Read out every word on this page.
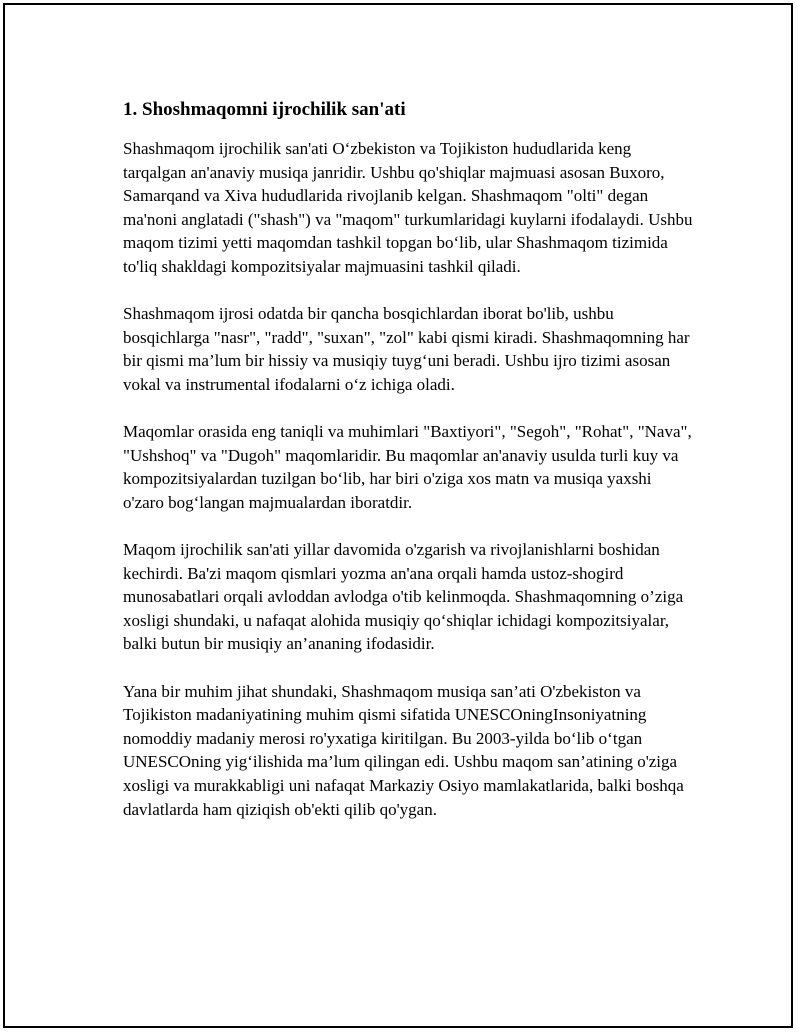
1. Shoshmaqomni ijrochilik san'ati

Shashmaqom ijrochilik san'ati O‘zbekiston va Tojikiston hududlarida keng tarqalgan an'anaviy musiqa janridir. Ushbu qo'shiqlar majmuasi asosan Buxoro, Samarqand va Xiva hududlarida rivojlanib kelgan. Shashmaqom "olti" degan ma'noni anglatadi ("shash") va "maqom" turkumlaridagi kuylarni ifodalaydi. Ushbu maqom tizimi yetti maqomdan tashkil topgan bo‘lib, ular Shashmaqom tizimida to'liq shakldagi kompozitsiyalar majmuasini tashkil qiladi.

Shashmaqom ijrosi odatda bir qancha bosqichlardan iborat bo'lib, ushbu bosqichlarga "nasr", "radd", "suxan", "zol" kabi qismi kiradi. Shashmaqomning har bir qismi ma’lum bir hissiy va musiqiy tuyg‘uni beradi. Ushbu ijro tizimi asosan vokal va instrumental ifodalarni o‘z ichiga oladi.

Maqomlar orasida eng taniqli va muhimlari "Baxtiyori", "Segoh", "Rohat", "Nava", "Ushshoq" va "Dugoh" maqomlaridir. Bu maqomlar an'anaviy usulda turli kuy va kompozitsiyalardan tuzilgan bo‘lib, har biri o'ziga xos matn va musiqa yaxshi o'zaro bog‘langan majmualardan iboratdir.

Maqom ijrochilik san'ati yillar davomida o'zgarish va rivojlanishlarni boshidan kechirdi. Ba'zi maqom qismlari yozma an'ana orqali hamda ustoz-shogird munosabatlari orqali avloddan avlodga o'tib kelinmoqda. Shashmaqomning o’ziga xosligi shundaki, u nafaqat alohida musiqiy qo‘shiqlar ichidagi kompozitsiyalar, balki butun bir musiqiy an’ananing ifodasidir.

Yana bir muhim jihat shundaki, Shashmaqom musiqa san’ati O'zbekiston va Tojikiston madaniyatining muhim qismi sifatida UNESCOningInsoniyatning nomoddiy madaniy merosi ro'yxatiga kiritilgan. Bu 2003-yilda bo‘lib o‘tgan UNESCOning yig‘ilishida ma’lum qilingan edi. Ushbu maqom san’atining o'ziga xosligi va murakkabligi uni nafaqat Markaziy Osiyo mamlakatlarida, balki boshqa davlatlarda ham qiziqish ob'ekti qilib qo'ygan.
